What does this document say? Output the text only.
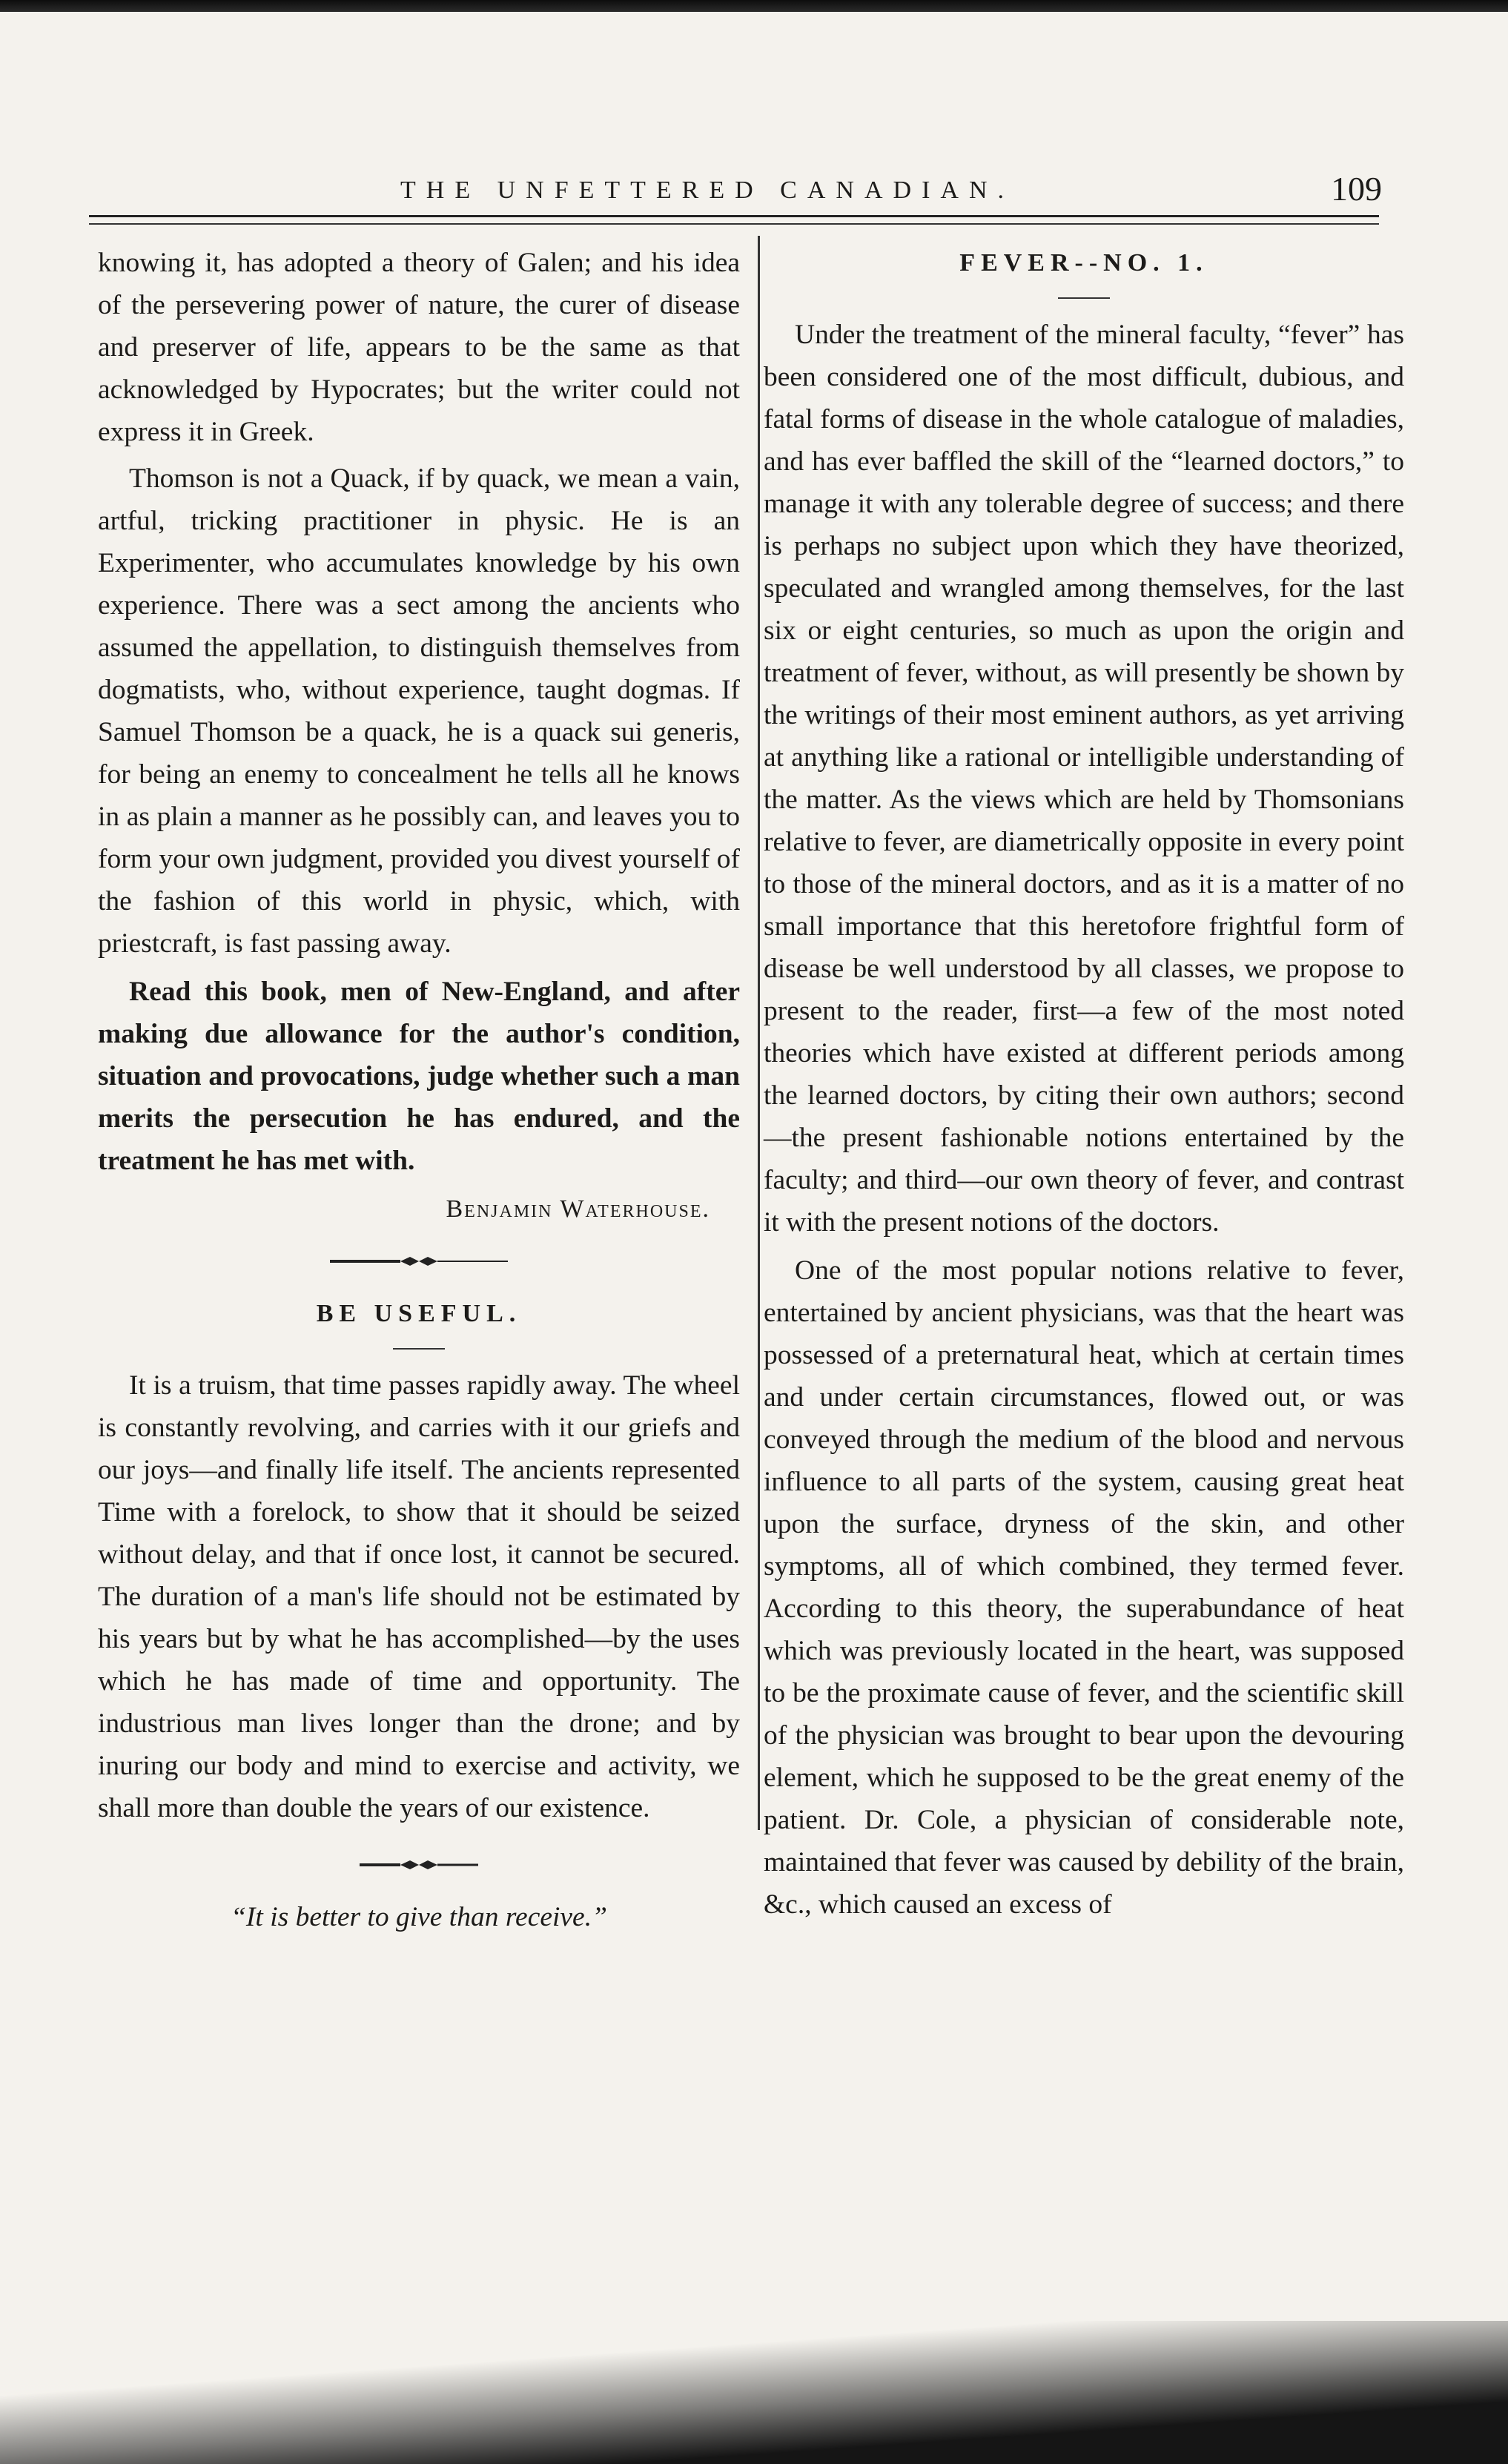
THE UNFETTERED CANADIAN.	109

knowing it, has adopted a theory of Galen; and his idea of the persevering power of nature, the curer of disease and preserver of life, appears to be the same as that acknowledged by Hypocrates; but the writer could not express it in Greek.

Thomson is not a Quack, if by quack, we mean a vain, artful, tricking practitioner in physic. He is an Experimenter, who accumulates knowledge by his own experience. There was a sect among the ancients who assumed the appellation, to distinguish themselves from dogmatists, who, without experience, taught dogmas. If Samuel Thomson be a quack, he is a quack sui generis, for being an enemy to concealment he tells all he knows in as plain a manner as he possibly can, and leaves you to form your own judgment, provided you divest yourself of the fashion of this world in physic, which, with priestcraft, is fast passing away.

Read this book, men of New-England, and after making due allowance for the author's condition, situation and provocations, judge whether such a man merits the persecution he has endured, and the treatment he has met with.

Benjamin Waterhouse.
BE USEFUL.

It is a truism, that time passes rapidly away. The wheel is constantly revolving, and carries with it our griefs and our joys—and finally life itself. The ancients represented Time with a forelock, to show that it should be seized without delay, and that if once lost, it cannot be secured. The duration of a man's life should not be estimated by his years but by what he has accomplished—by the uses which he has made of time and opportunity. The industrious man lives longer than the drone; and by inuring our body and mind to exercise and activity, we shall more than double the years of our existence.

“It is better to give than receive.”
FEVER--NO. 1.

Under the treatment of the mineral faculty, “fever” has been considered one of the most difficult, dubious, and fatal forms of disease in the whole catalogue of maladies, and has ever baffled the skill of the “learned doctors,” to manage it with any tolerable degree of success; and there is perhaps no subject upon which they have theorized, speculated and wrangled among themselves, for the last six or eight centuries, so much as upon the origin and treatment of fever, without, as will presently be shown by the writings of their most eminent authors, as yet arriving at anything like a rational or intelligible understanding of the matter. As the views which are held by Thomsonians relative to fever, are diametrically opposite in every point to those of the mineral doctors, and as it is a matter of no small importance that this heretofore frightful form of disease be well understood by all classes, we propose to present to the reader, first—a few of the most noted theories which have existed at different periods among the learned doctors, by citing their own authors; second—the present fashionable notions entertained by the faculty; and third—our own theory of fever, and contrast it with the present notions of the doctors.

One of the most popular notions relative to fever, entertained by ancient physicians, was that the heart was possessed of a preternatural heat, which at certain times and under certain circumstances, flowed out, or was conveyed through the medium of the blood and nervous influence to all parts of the system, causing great heat upon the surface, dryness of the skin, and other symptoms, all of which combined, they termed fever. According to this theory, the superabundance of heat which was previously located in the heart, was supposed to be the proximate cause of fever, and the scientific skill of the physician was brought to bear upon the devouring element, which he supposed to be the great enemy of the patient. Dr. Cole, a physician of considerable note, maintained that fever was caused by debility of the brain, &c., which caused an excess of
